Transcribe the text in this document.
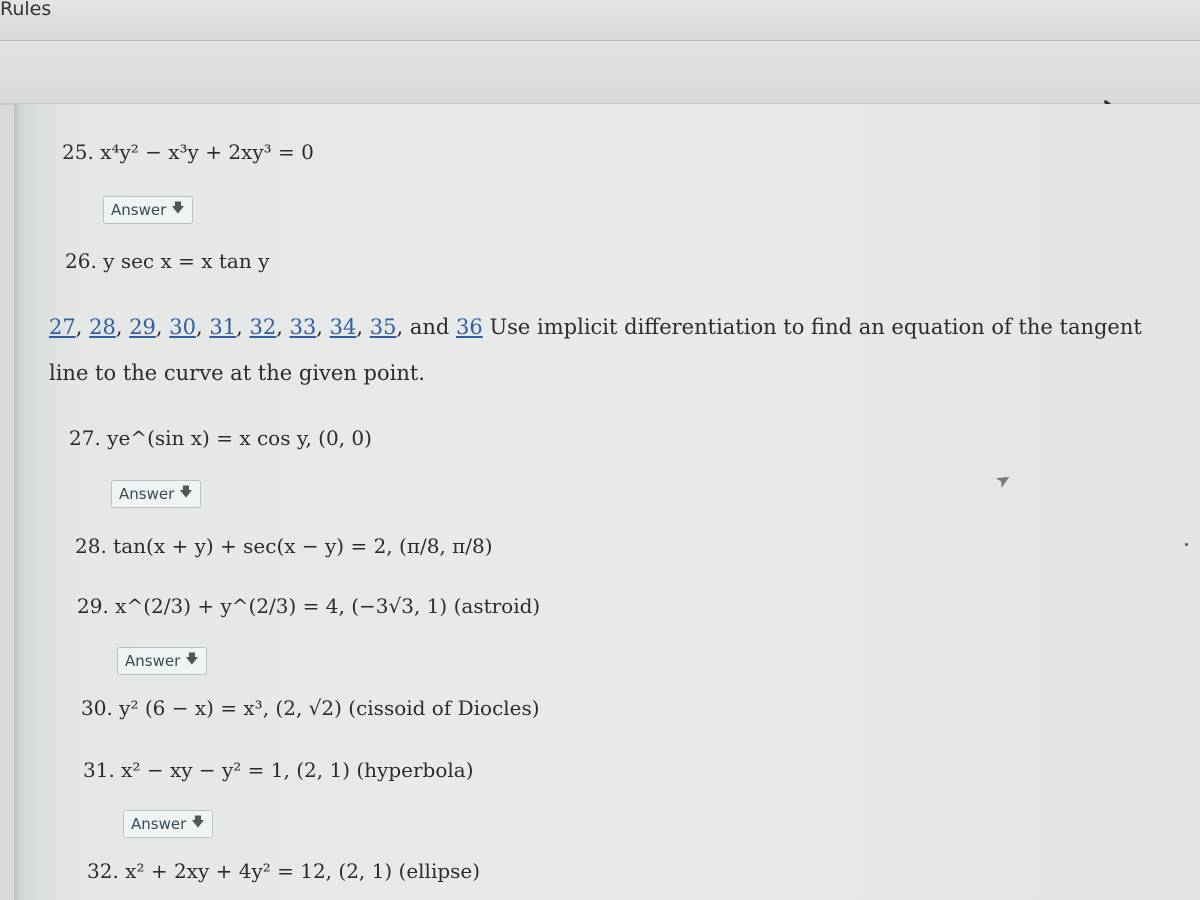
Rules
25. x⁴y² − x³y + 2xy³ = 0
Answer 🡇
26. y sec x = x tan y
27, 28, 29, 30, 31, 32, 33, 34, 35, and 36 Use implicit differentiation to find an equation of the tangent line to the curve at the given point.
27. ye^(sin x) = x cos y, (0, 0)
Answer 🡇
28. tan(x + y) + sec(x − y) = 2, (π/8, π/8)
29. x^(2/3) + y^(2/3) = 4, (−3√3, 1) (astroid)
Answer 🡇
30. y² (6 − x) = x³, (2, √2) (cissoid of Diocles)
31. x² − xy − y² = 1, (2, 1) (hyperbola)
Answer 🡇
32. x² + 2xy + 4y² = 12, (2, 1) (ellipse)
➤
